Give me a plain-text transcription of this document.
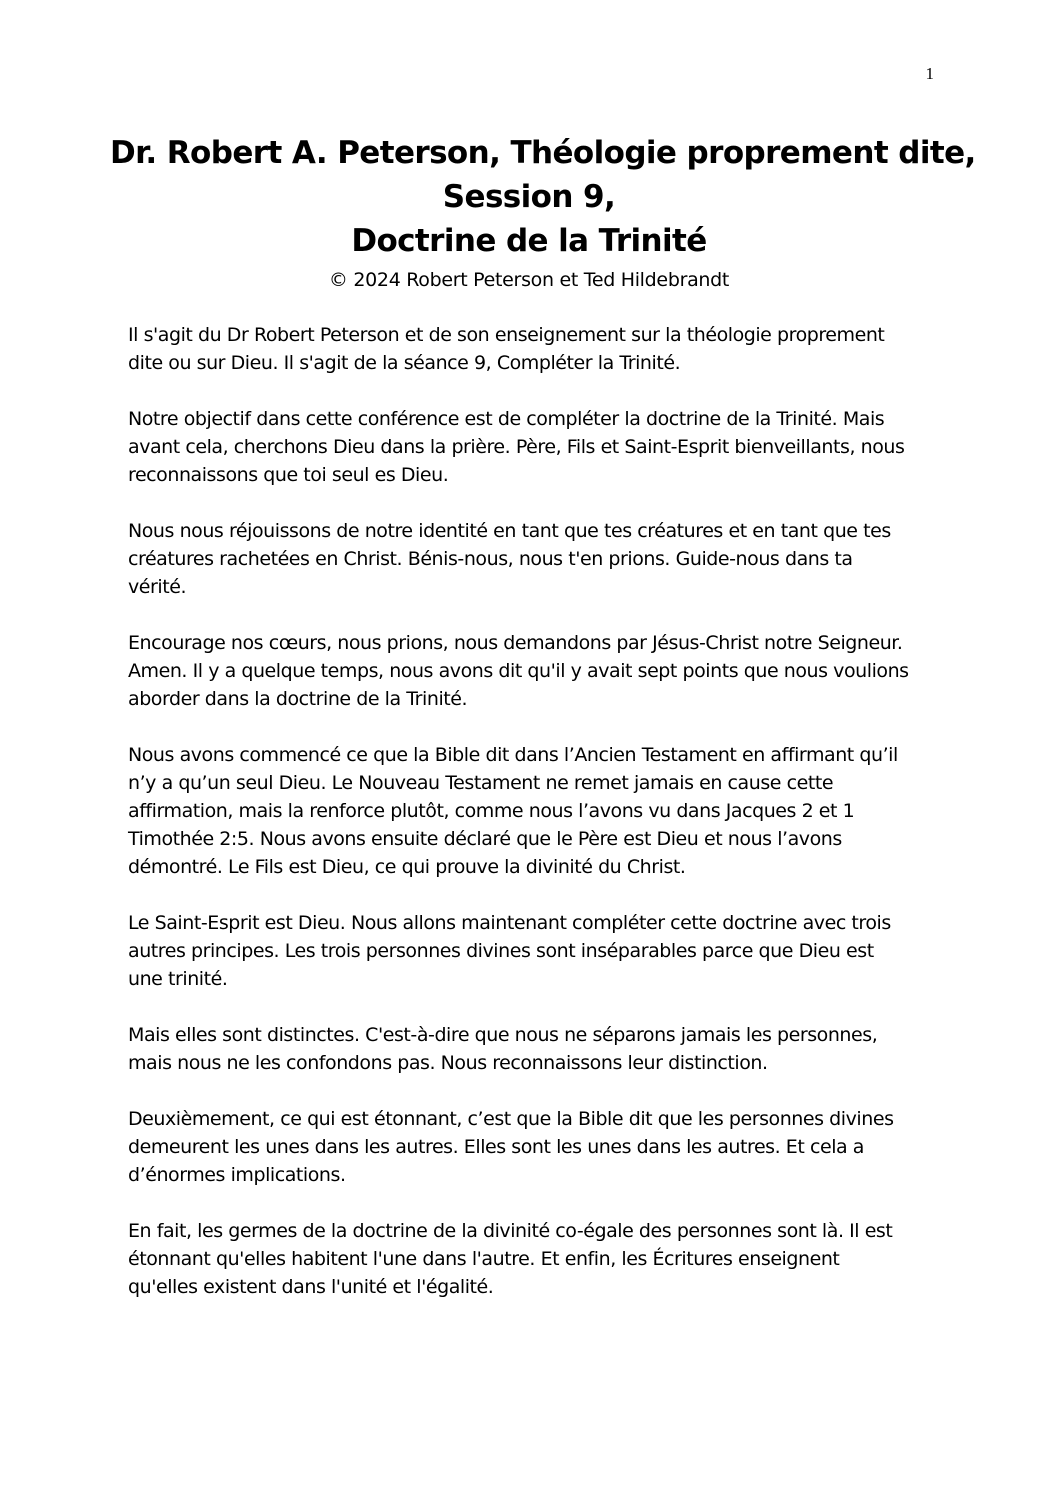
1
Dr. Robert A. Peterson, Théologie proprement dite,
Session 9,
Doctrine de la Trinité
© 2024 Robert Peterson et Ted Hildebrandt
Il s'agit du Dr Robert Peterson et de son enseignement sur la théologie proprement
dite ou sur Dieu. Il s'agit de la séance 9, Compléter la Trinité.
Notre objectif dans cette conférence est de compléter la doctrine de la Trinité. Mais
avant cela, cherchons Dieu dans la prière. Père, Fils et Saint-Esprit bienveillants, nous
reconnaissons que toi seul es Dieu.
Nous nous réjouissons de notre identité en tant que tes créatures et en tant que tes
créatures rachetées en Christ. Bénis-nous, nous t'en prions. Guide-nous dans ta
vérité.
Encourage nos cœurs, nous prions, nous demandons par Jésus-Christ notre Seigneur.
Amen. Il y a quelque temps, nous avons dit qu'il y avait sept points que nous voulions
aborder dans la doctrine de la Trinité.
Nous avons commencé ce que la Bible dit dans l’Ancien Testament en affirmant qu’il
n’y a qu’un seul Dieu. Le Nouveau Testament ne remet jamais en cause cette
affirmation, mais la renforce plutôt, comme nous l’avons vu dans Jacques 2 et 1
Timothée 2:5. Nous avons ensuite déclaré que le Père est Dieu et nous l’avons
démontré. Le Fils est Dieu, ce qui prouve la divinité du Christ.
Le Saint-Esprit est Dieu. Nous allons maintenant compléter cette doctrine avec trois
autres principes. Les trois personnes divines sont inséparables parce que Dieu est
une trinité.
Mais elles sont distinctes. C'est-à-dire que nous ne séparons jamais les personnes,
mais nous ne les confondons pas. Nous reconnaissons leur distinction.
Deuxièmement, ce qui est étonnant, c’est que la Bible dit que les personnes divines
demeurent les unes dans les autres. Elles sont les unes dans les autres. Et cela a
d’énormes implications.
En fait, les germes de la doctrine de la divinité co-égale des personnes sont là. Il est
étonnant qu'elles habitent l'une dans l'autre. Et enfin, les Écritures enseignent
qu'elles existent dans l'unité et l'égalité.
